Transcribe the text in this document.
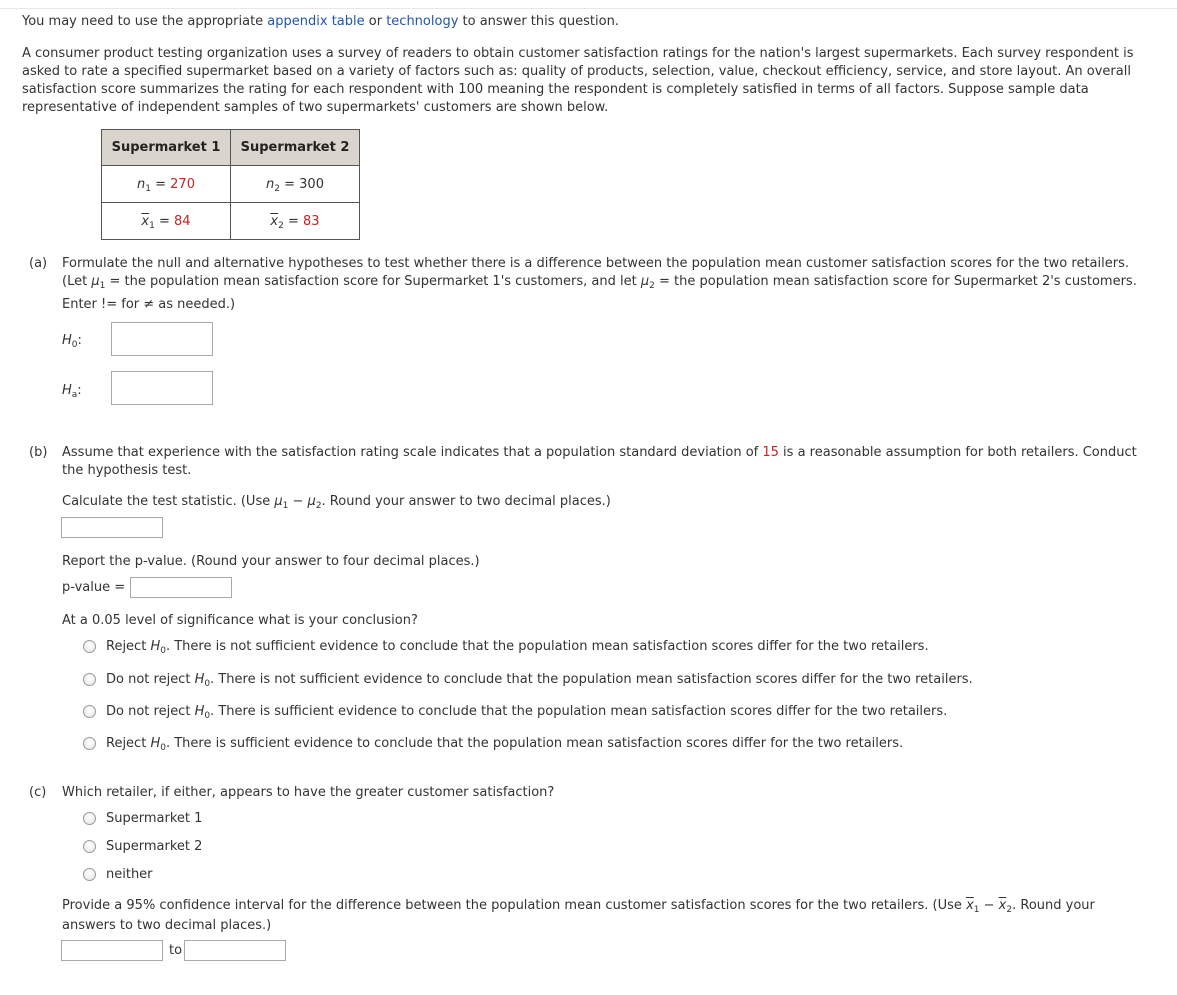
You may need to use the appropriate appendix table or technology to answer this question.
A consumer product testing organization uses a survey of readers to obtain customer satisfaction ratings for the nation's largest supermarkets. Each survey respondent is asked to rate a specified supermarket based on a variety of factors such as: quality of products, selection, value, checkout efficiency, service, and store layout. An overall satisfaction score summarizes the rating for each respondent with 100 meaning the respondent is completely satisfied in terms of all factors. Suppose sample data representative of independent samples of two supermarkets' customers are shown below.
Supermarket 1	Supermarket 2
$n_1 = 270$	$n_2 = 300$
$\overline{x}_1 = 84$	$\overline{x}_2 = 83$
(a) Formulate the null and alternative hypotheses to test whether there is a difference between the population mean customer satisfaction scores for the two retailers.
(Let $\mu_1$ = the population mean satisfaction score for Supermarket 1's customers, and let $\mu_2$ = the population mean satisfaction score for Supermarket 2's customers.
Enter != for ≠ as needed.)
$H_0$:
$H_a$:
(b) Assume that experience with the satisfaction rating scale indicates that a population standard deviation of 15 is a reasonable assumption for both retailers. Conduct
the hypothesis test.
Calculate the test statistic. (Use $\mu_1 - \mu_2$. Round your answer to two decimal places.)
Report the p-value. (Round your answer to four decimal places.)
p-value =
At a 0.05 level of significance what is your conclusion?
Reject $H_0$. There is not sufficient evidence to conclude that the population mean satisfaction scores differ for the two retailers.
Do not reject $H_0$. There is not sufficient evidence to conclude that the population mean satisfaction scores differ for the two retailers.
Do not reject $H_0$. There is sufficient evidence to conclude that the population mean satisfaction scores differ for the two retailers.
Reject $H_0$. There is sufficient evidence to conclude that the population mean satisfaction scores differ for the two retailers.
(c) Which retailer, if either, appears to have the greater customer satisfaction?
Supermarket 1
Supermarket 2
neither
Provide a 95% confidence interval for the difference between the population mean customer satisfaction scores for the two retailers. (Use $\overline{x}_1 - \overline{x}_2$. Round your
answers to two decimal places.)
to
